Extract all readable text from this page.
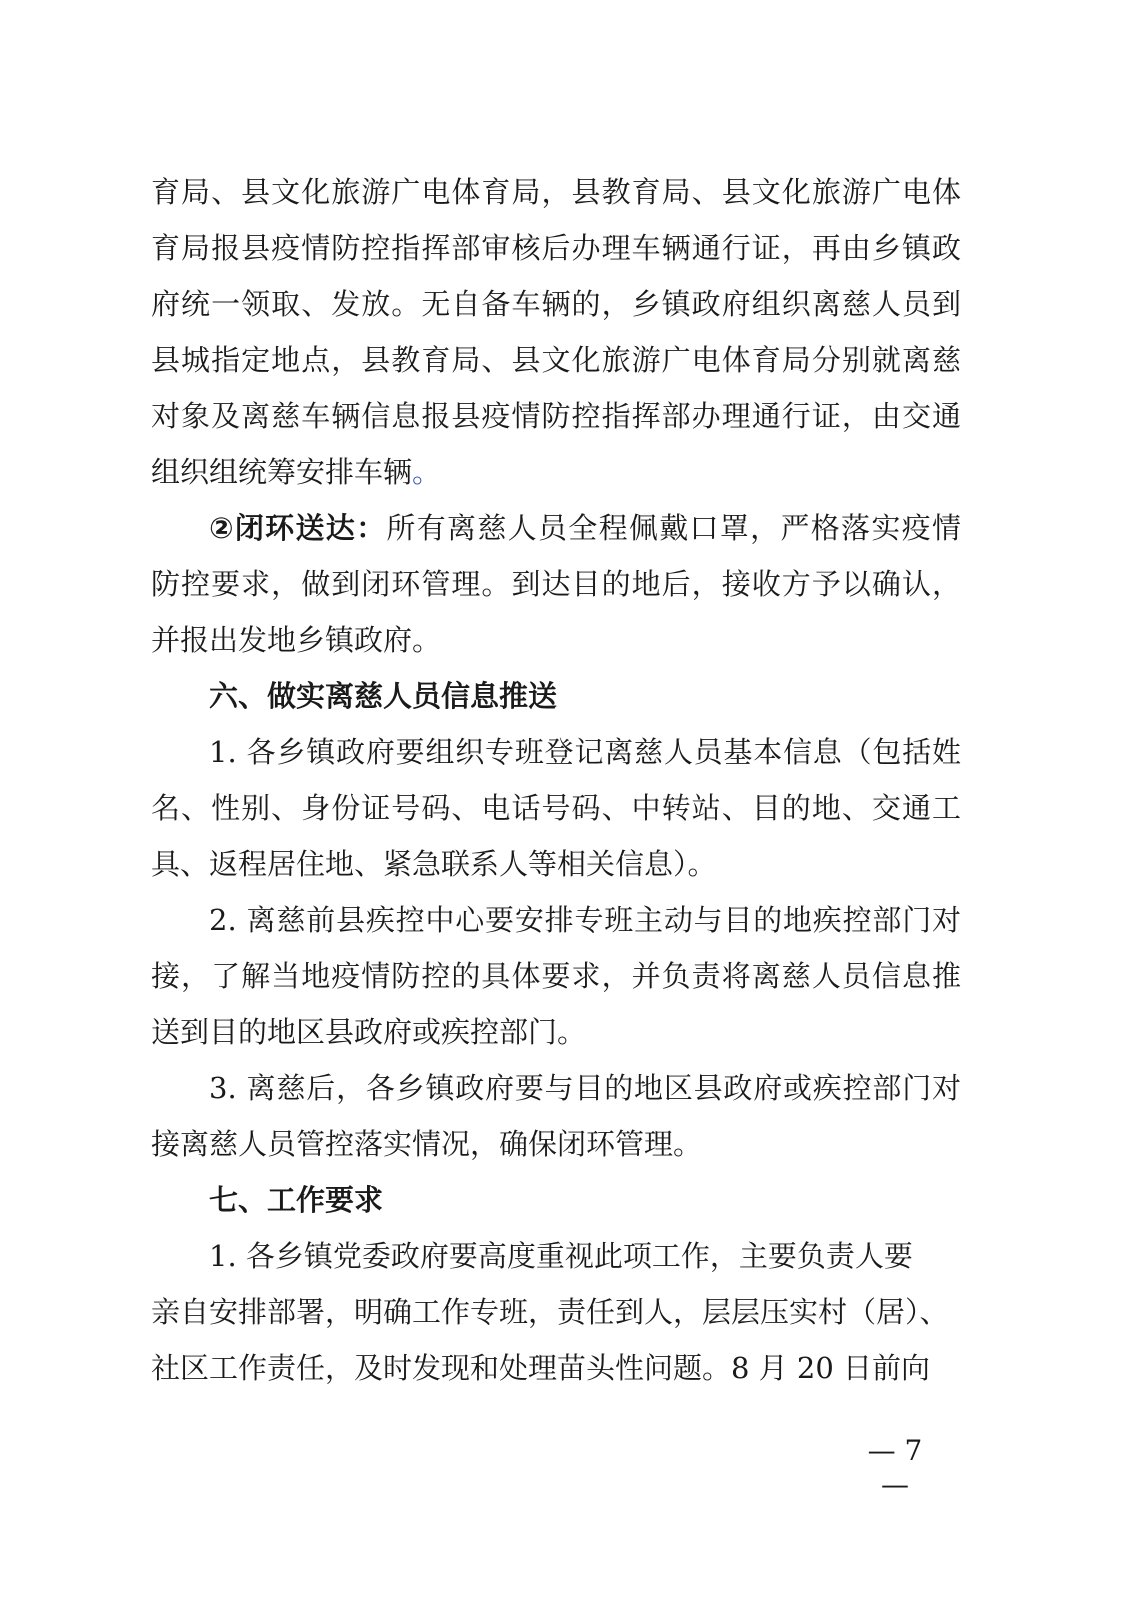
育局、县文化旅游广电体育局，县教育局、县文化旅游广电体
育局报县疫情防控指挥部审核后办理车辆通行证，再由乡镇政
府统一领取、发放。无自备车辆的，乡镇政府组织离慈人员到
县城指定地点，县教育局、县文化旅游广电体育局分别就离慈
对象及离慈车辆信息报县疫情防控指挥部办理通行证，由交通
组织组统筹安排车辆。
②闭环送达：所有离慈人员全程佩戴口罩，严格落实疫情
防控要求，做到闭环管理。到达目的地后，接收方予以确认，
并报出发地乡镇政府。
六、做实离慈人员信息推送
1. 各乡镇政府要组织专班登记离慈人员基本信息（包括姓
名、性别、身份证号码、电话号码、中转站、目的地、交通工
具、返程居住地、紧急联系人等相关信息）。
2. 离慈前县疾控中心要安排专班主动与目的地疾控部门对
接，了解当地疫情防控的具体要求，并负责将离慈人员信息推
送到目的地区县政府或疾控部门。
3. 离慈后，各乡镇政府要与目的地区县政府或疾控部门对
接离慈人员管控落实情况，确保闭环管理。
七、工作要求
1. 各乡镇党委政府要高度重视此项工作，主要负责人要
亲自安排部署，明确工作专班，责任到人，层层压实村（居）、
社区工作责任，及时发现和处理苗头性问题。8 月 20 日前向
— 7 —
